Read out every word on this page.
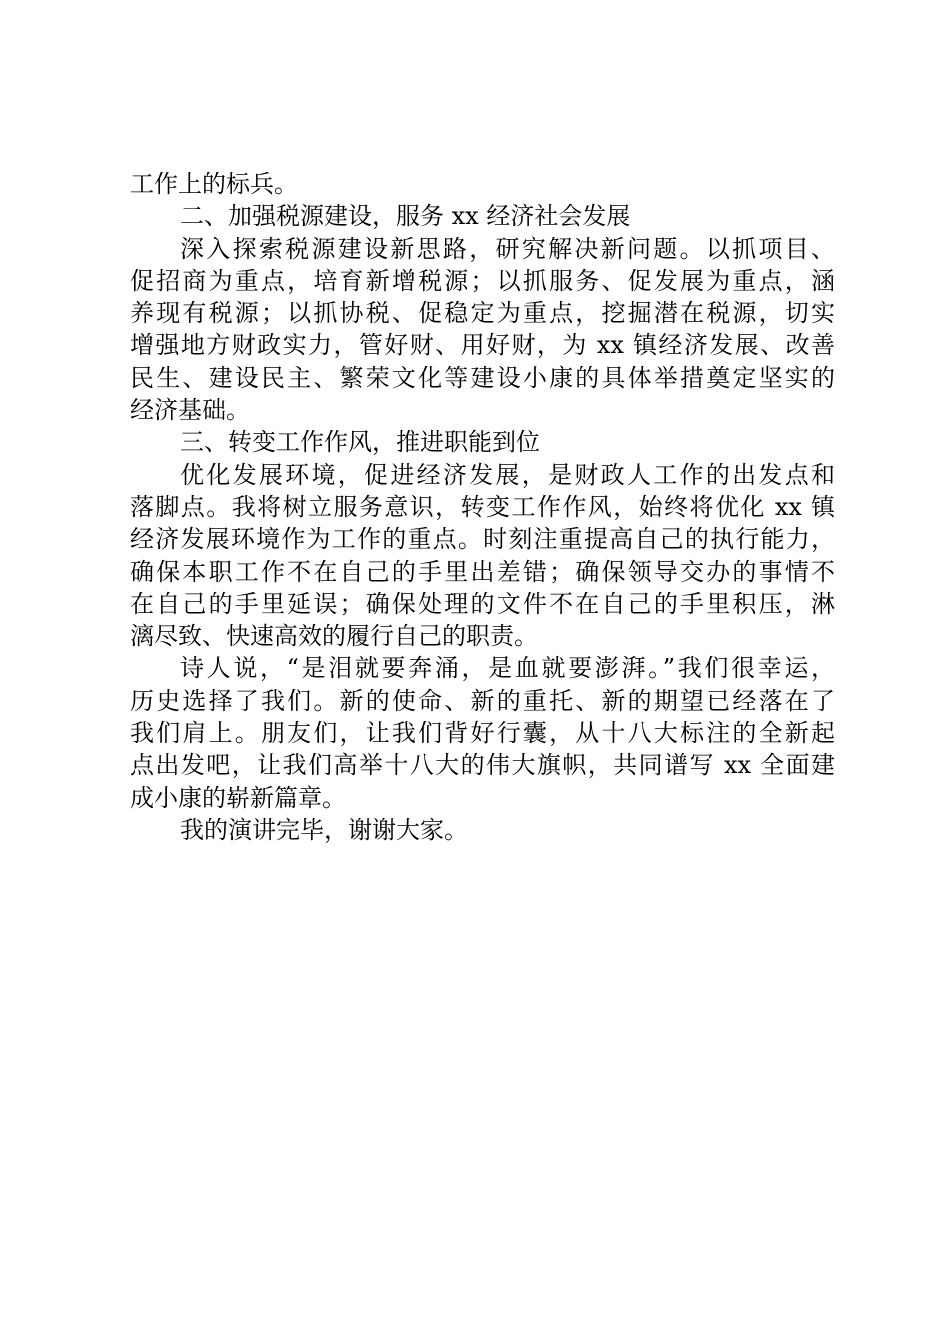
工作上的标兵。
二、加强税源建设，服务 xx 经济社会发展
深入探索税源建设新思路，研究解决新问题。以抓项目、
促招商为重点，培育新增税源；以抓服务、促发展为重点，涵
养现有税源；以抓协税、促稳定为重点，挖掘潜在税源，切实
增强地方财政实力，管好财、用好财，为 xx 镇经济发展、改善
民生、建设民主、繁荣文化等建设小康的具体举措奠定坚实的
经济基础。
三、转变工作作风，推进职能到位
优化发展环境，促进经济发展，是财政人工作的出发点和
落脚点。我将树立服务意识，转变工作作风，始终将优化 xx 镇
经济发展环境作为工作的重点。时刻注重提高自己的执行能力，
确保本职工作不在自己的手里出差错；确保领导交办的事情不
在自己的手里延误；确保处理的文件不在自己的手里积压，淋
漓尽致、快速高效的履行自己的职责。
诗人说，“是泪就要奔涌，是血就要澎湃。”我们很幸运，
历史选择了我们。新的使命、新的重托、新的期望已经落在了
我们肩上。朋友们，让我们背好行囊，从十八大标注的全新起
点出发吧，让我们高举十八大的伟大旗帜，共同谱写 xx 全面建
成小康的崭新篇章。
我的演讲完毕，谢谢大家。
